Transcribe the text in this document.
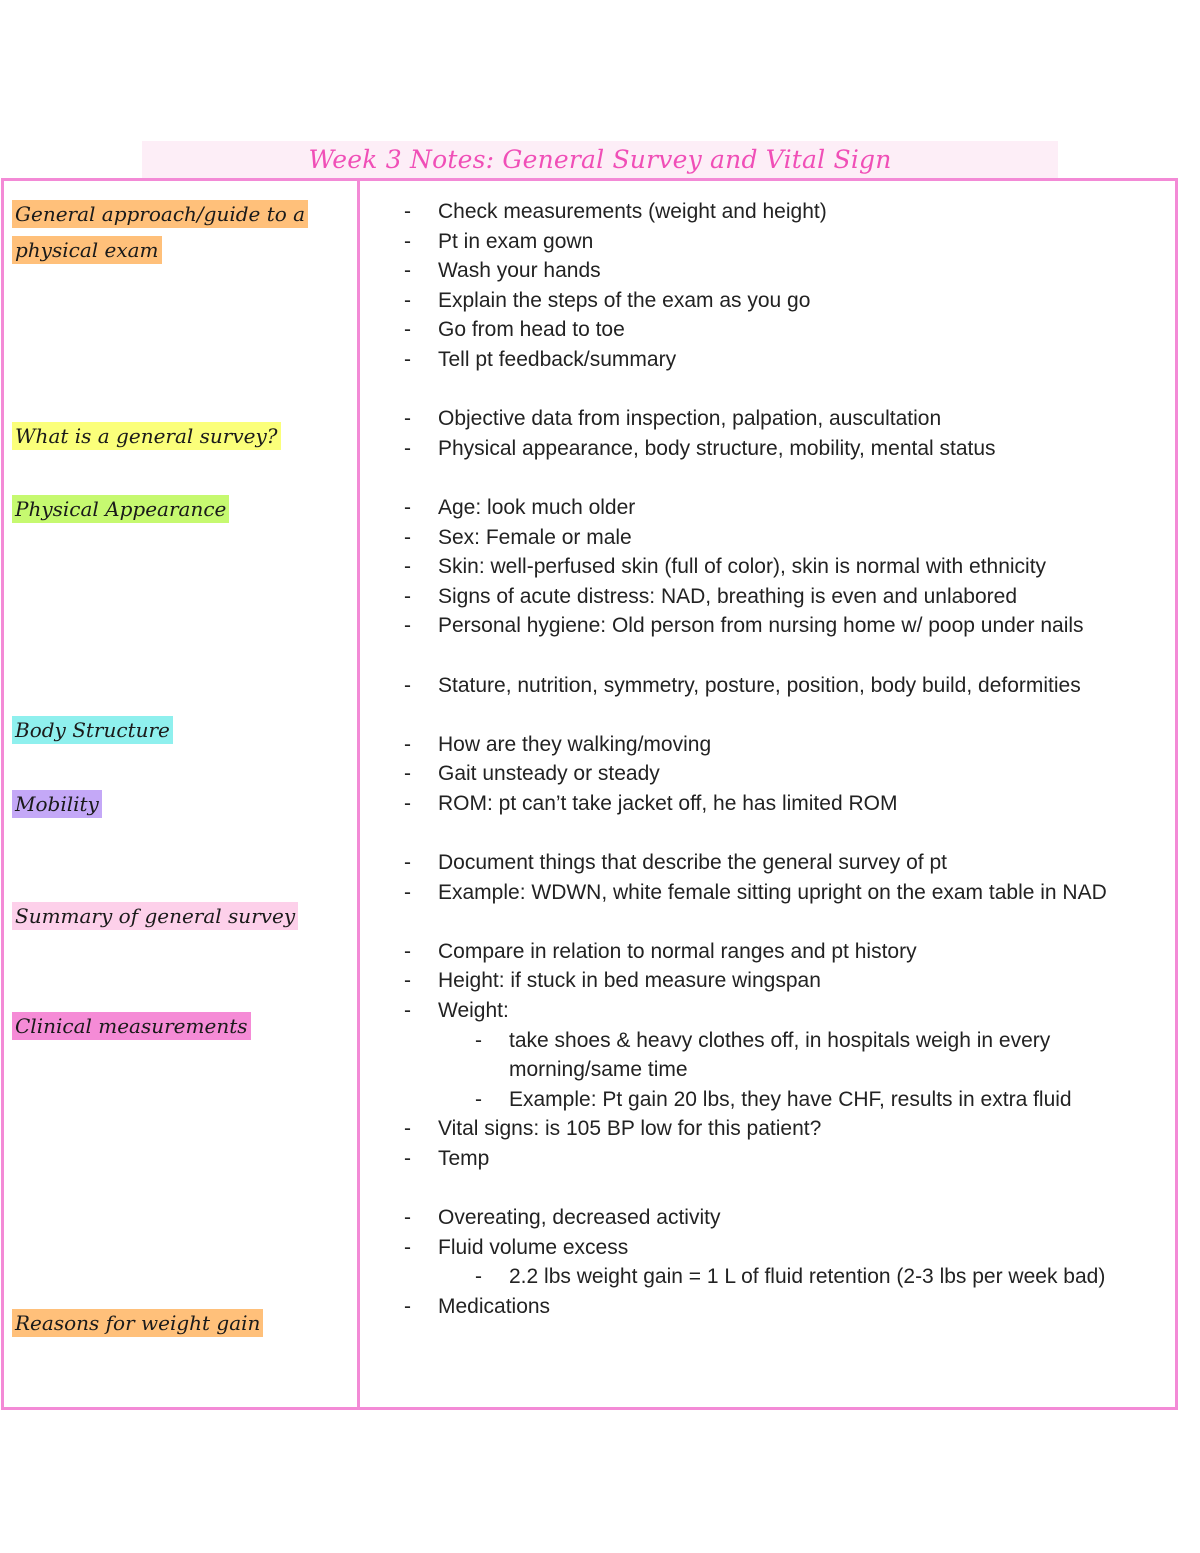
Week 3 Notes: General Survey and Vital Sign
General approach/guide to a physical exam
What is a general survey?
Physical Appearance
Body Structure
Mobility
Summary of general survey
Clinical measurements
Reasons for weight gain
- Check measurements (weight and height)
- Pt in exam gown
- Wash your hands
- Explain the steps of the exam as you go
- Go from head to toe
- Tell pt feedback/summary
- Objective data from inspection, palpation, auscultation
- Physical appearance, body structure, mobility, mental status
- Age: look much older
- Sex: Female or male
- Skin: well-perfused skin (full of color), skin is normal with ethnicity
- Signs of acute distress: NAD, breathing is even and unlabored
- Personal hygiene: Old person from nursing home w/ poop under nails
- Stature, nutrition, symmetry, posture, position, body build, deformities
- How are they walking/moving
- Gait unsteady or steady
- ROM: pt can’t take jacket off, he has limited ROM
- Document things that describe the general survey of pt
- Example: WDWN, white female sitting upright on the exam table in NAD
- Compare in relation to normal ranges and pt history
- Height: if stuck in bed measure wingspan
- Weight:
- take shoes & heavy clothes off, in hospitals weigh in every morning/same time
- Example: Pt gain 20 lbs, they have CHF, results in extra fluid
- Vital signs: is 105 BP low for this patient?
- Temp
- Overeating, decreased activity
- Fluid volume excess
- 2.2 lbs weight gain = 1 L of fluid retention (2-3 lbs per week bad)
- Medications
